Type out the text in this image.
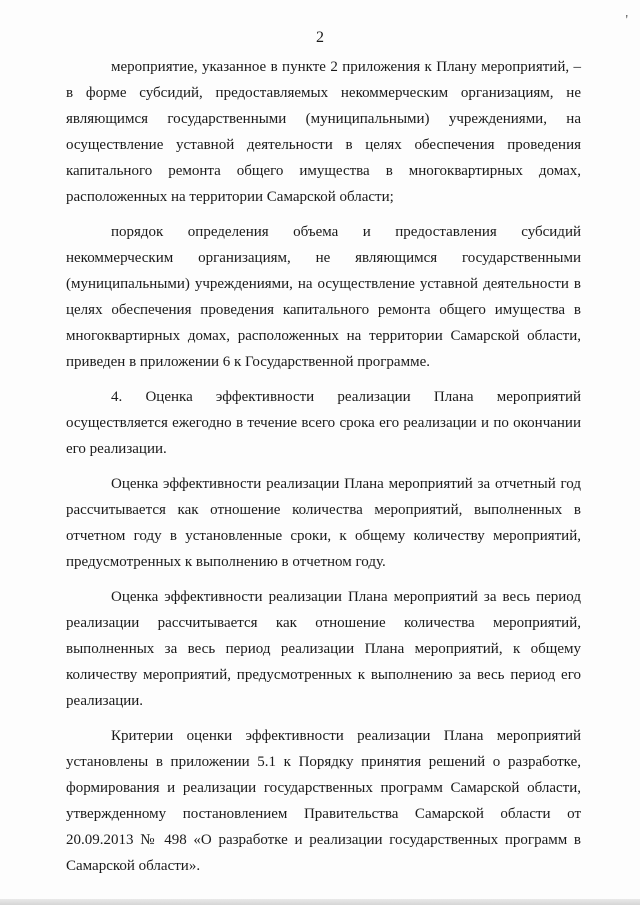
'
2

мероприятие, указанное в пункте 2 приложения к Плану мероприятий, – в форме субсидий, предоставляемых некоммерческим организациям, не являющимся государственными (муниципальными) учреждениями, на осуществление уставной деятельности в целях обеспечения проведения капитального ремонта общего имущества в многоквартирных домах, расположенных на территории Самарской области;

порядок определения объема и предоставления субсидий некоммерческим организациям, не являющимся государственными (муниципальными) учреждениями, на осуществление уставной деятельности в целях обеспечения проведения капитального ремонта общего имущества в многоквартирных домах, расположенных на территории Самарской области, приведен в приложении 6 к Государственной программе.

4. Оценка эффективности реализации Плана мероприятий осуществляется ежегодно в течение всего срока его реализации и по окончании его реализации.

Оценка эффективности реализации Плана мероприятий за отчетный год рассчитывается как отношение количества мероприятий, выполненных в отчетном году в установленные сроки, к общему количеству мероприятий, предусмотренных к выполнению в отчетном году.

Оценка эффективности реализации Плана мероприятий за весь период реализации рассчитывается как отношение количества мероприятий, выполненных за весь период реализации Плана мероприятий, к общему количеству мероприятий, предусмотренных к выполнению за весь период его реализации.

Критерии оценки эффективности реализации Плана мероприятий установлены в приложении 5.1 к Порядку принятия решений о разработке, формирования и реализации государственных программ Самарской области, утвержденному постановлением Правительства Самарской области от 20.09.2013 № 498 «О разработке и реализации государственных программ в Самарской области».
